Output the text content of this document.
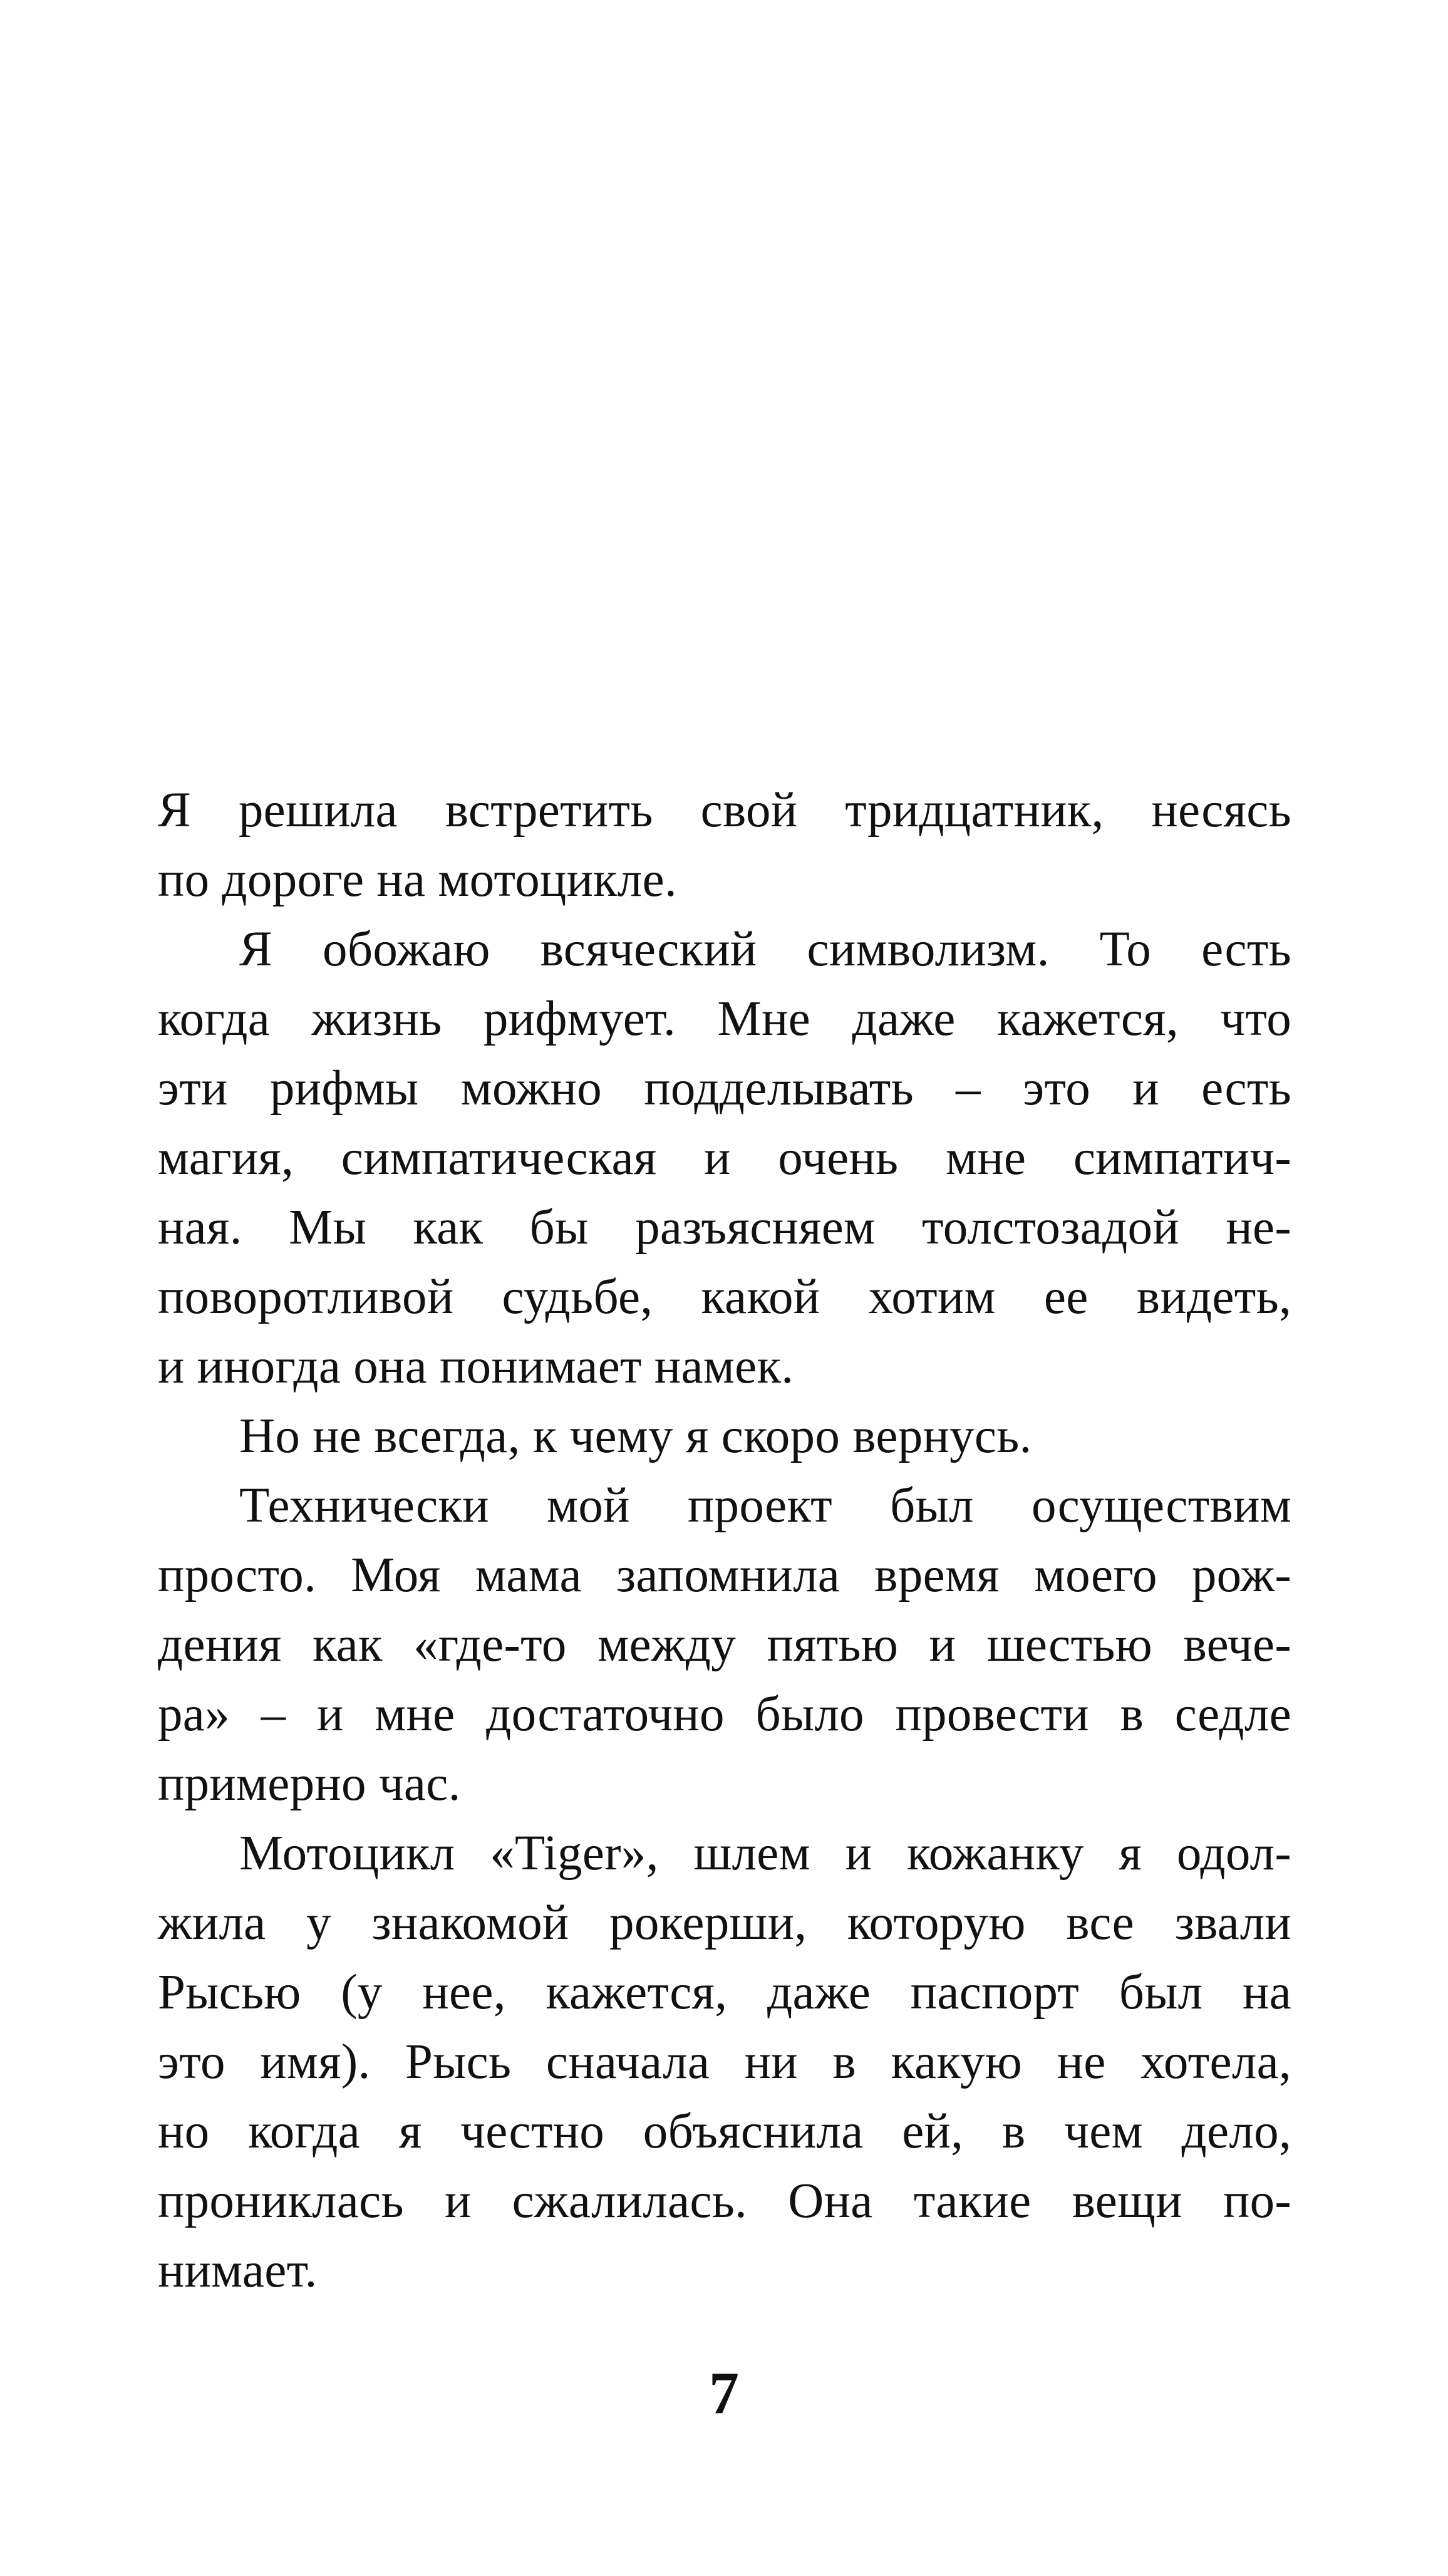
Я решила встретить свой тридцатник, несясь
по дороге на мотоцикле.

Я обожаю всяческий символизм. То есть
когда жизнь рифмует. Мне даже кажется, что
эти рифмы можно подделывать – это и есть
магия, симпатическая и очень мне симпатич-
ная. Мы как бы разъясняем толстозадой не-
поворотливой судьбе, какой хотим ее видеть,
и иногда она понимает намек.

Но не всегда, к чему я скоро вернусь.

Технически мой проект был осуществим
просто. Моя мама запомнила время моего рож-
дения как «где-то между пятью и шестью вече-
ра» – и мне достаточно было провести в седле
примерно час.

Мотоцикл «Tiger», шлем и кожанку я одол-
жила у знакомой рокерши, которую все звали
Рысью (у нее, кажется, даже паспорт был на
это имя). Рысь сначала ни в какую не хотела,
но когда я честно объяснила ей, в чем дело,
прониклась и сжалилась. Она такие вещи по-
нимает.

7
